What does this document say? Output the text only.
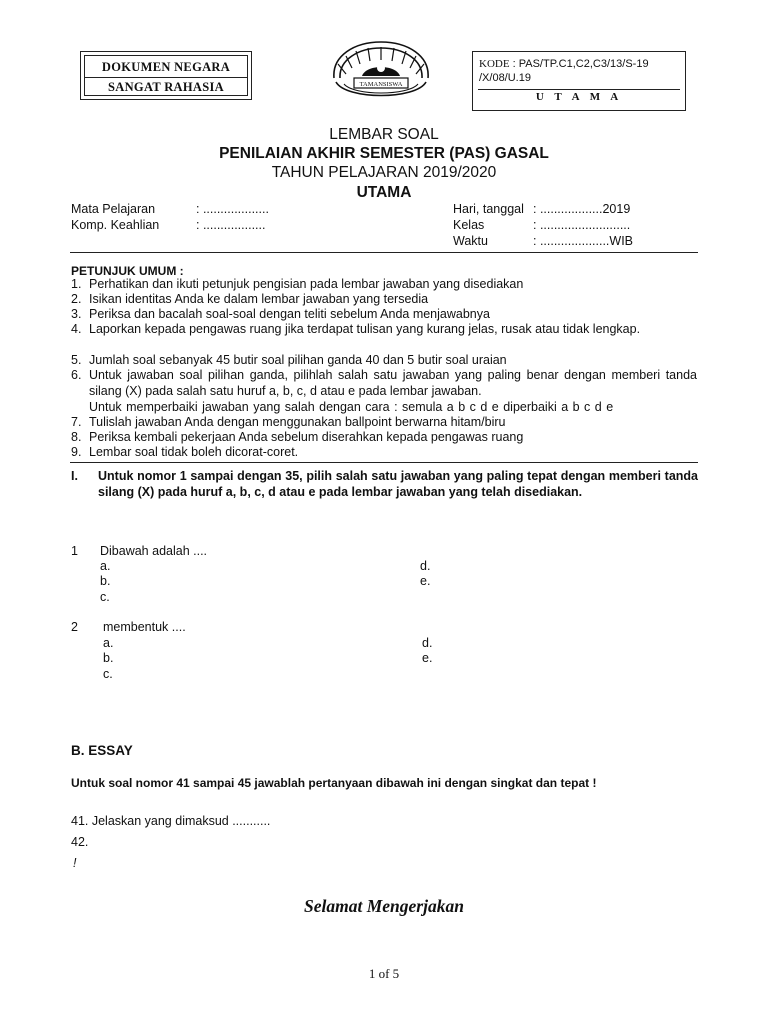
DOKUMEN NEGARA
SANGAT RAHASIA	TAMANSISWA
KODE : PAS/TP.C1,C2,C3/13/S-19 /X/08/U.19
U T A M A
LEMBAR SOAL
PENILAIAN AKHIR SEMESTER (PAS) GASAL
TAHUN PELAJARAN 2019/2020
UTAMA
Mata Pelajaran	: ...................
Komp. Keahlian	: ..................
Hari, tanggal : ..................2019
Kelas	: ..........................
Waktu	: ....................WIB
PETUNJUK UMUM :
1. Perhatikan dan ikuti petunjuk pengisian pada lembar jawaban yang disediakan
2. Isikan identitas Anda ke dalam lembar jawaban yang tersedia
3. Periksa dan bacalah soal-soal dengan teliti sebelum Anda menjawabnya
4. Laporkan kepada pengawas ruang jika terdapat tulisan yang kurang jelas, rusak atau tidak lengkap.
5. Jumlah soal sebanyak 45 butir soal pilihan ganda 40 dan 5 butir soal uraian
6. Untuk jawaban soal pilihan ganda, pilihlah salah satu jawaban yang paling benar dengan memberi tanda silang (X) pada salah satu huruf a, b, c, d atau e pada lembar jawaban.
Untuk memperbaiki jawaban yang salah dengan cara : semula a b c d e diperbaiki a b c d e
7. Tulislah jawaban Anda dengan menggunakan ballpoint berwarna hitam/biru
8. Periksa kembali pekerjaan Anda sebelum diserahkan kepada pengawas ruang
9. Lembar soal tidak boleh dicorat-coret.
I. Untuk nomor 1 sampai dengan 35, pilih salah satu jawaban yang paling tepat dengan memberi tanda silang (X) pada huruf a, b, c, d atau e pada lembar jawaban yang telah disediakan.
1 Dibawah adalah ....
a.
b.
c.
d.
e.
2 membentuk ....
a.
b.
c.
d.
e.
B. ESSAY
Untuk soal nomor 41 sampai 45 jawablah pertanyaan dibawah ini dengan singkat dan tepat !
41. Jelaskan yang dimaksud ...........
42.
!
Selamat Mengerjakan
1 of 5
